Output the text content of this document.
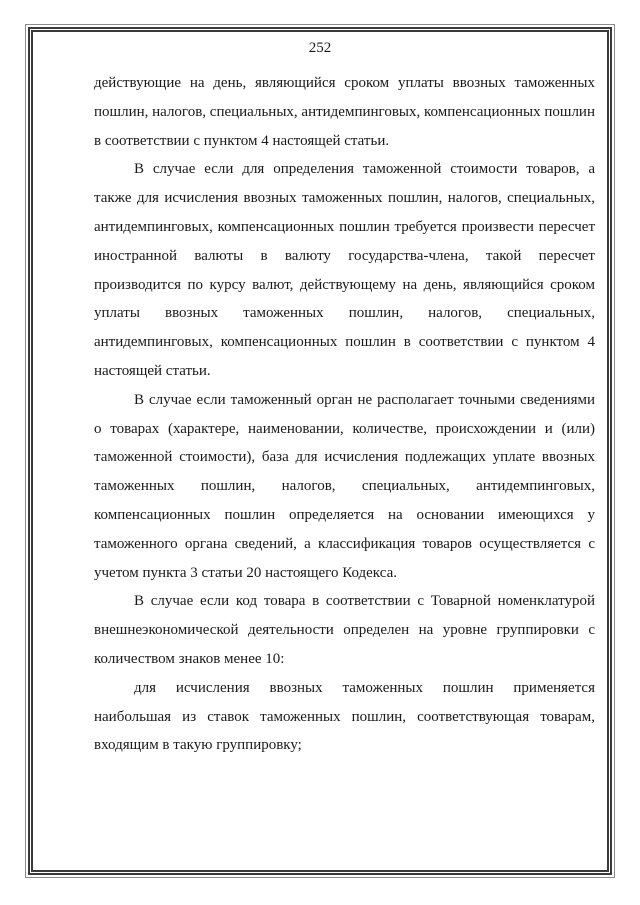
252

действующие на день, являющийся сроком уплаты ввозных таможенных пошлин, налогов, специальных, антидемпинговых, компенсационных пошлин в соответствии с пунктом 4 настоящей статьи.

В случае если для определения таможенной стоимости товаров, а также для исчисления ввозных таможенных пошлин, налогов, специальных, антидемпинговых, компенсационных пошлин требуется произвести пересчет иностранной валюты в валюту государства-члена, такой пересчет производится по курсу валют, действующему на день, являющийся сроком уплаты ввозных таможенных пошлин, налогов, специальных, антидемпинговых, компенсационных пошлин в соответствии с пунктом 4 настоящей статьи.

В случае если таможенный орган не располагает точными сведениями о товарах (характере, наименовании, количестве, происхождении и (или) таможенной стоимости), база для исчисления подлежащих уплате ввозных таможенных пошлин, налогов, специальных, антидемпинговых, компенсационных пошлин определяется на основании имеющихся у таможенного органа сведений, а классификация товаров осуществляется с учетом пункта 3 статьи 20 настоящего Кодекса.

В случае если код товара в соответствии с Товарной номенклатурой внешнеэкономической деятельности определен на уровне группировки с количеством знаков менее 10:

для исчисления ввозных таможенных пошлин применяется наибольшая из ставок таможенных пошлин, соответствующая товарам, входящим в такую группировку;
